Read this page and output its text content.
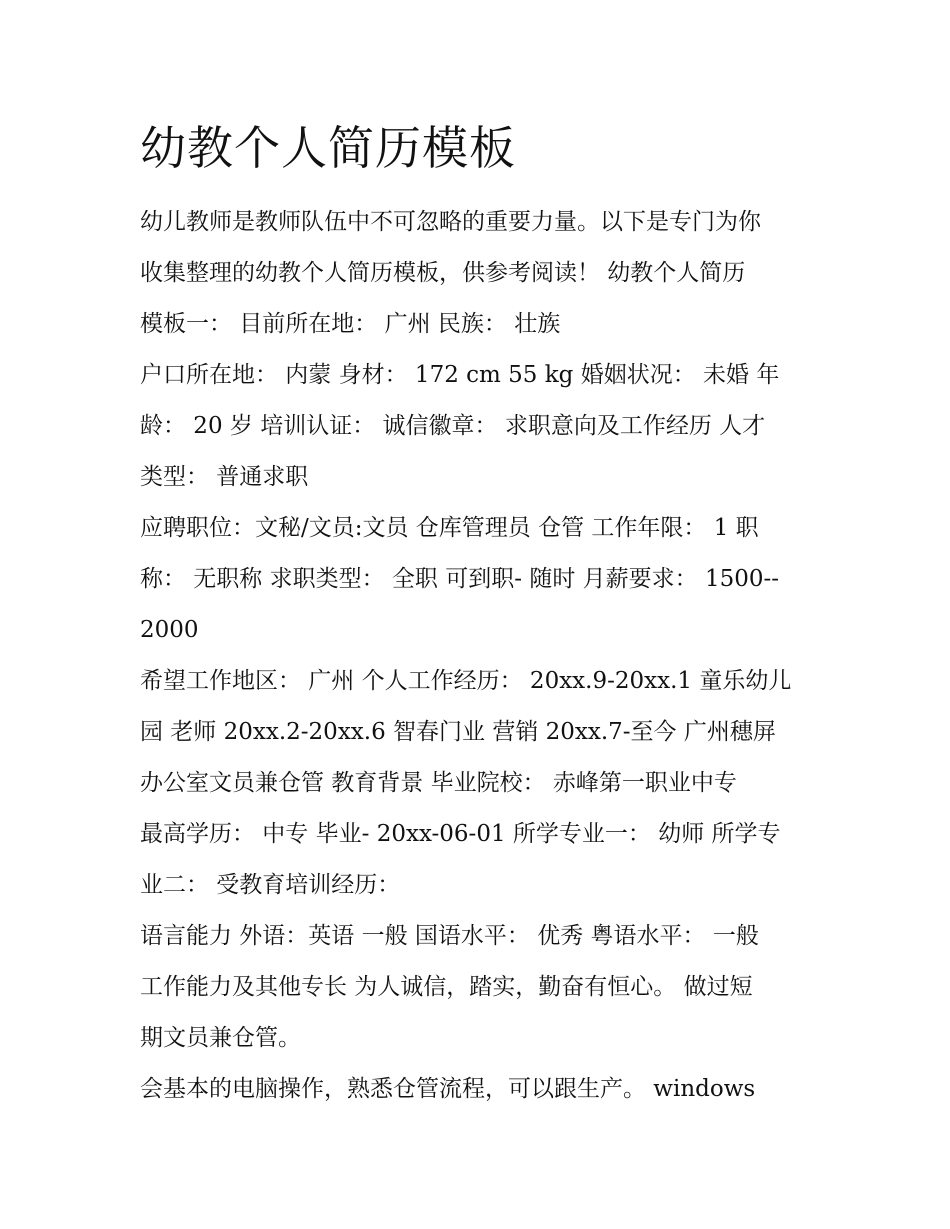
幼教个人简历模板

幼儿教师是教师队伍中不可忽略的重要力量。以下是专门为你

收集整理的幼教个人简历模板，供参考阅读！ 幼教个人简历

模板一： 目前所在地： 广州 民族： 壮族

户口所在地： 内蒙 身材： 172 cm 55 kg 婚姻状况： 未婚 年

龄： 20 岁 培训认证： 诚信徽章： 求职意向及工作经历 人才

类型： 普通求职

应聘职位：文秘/文员:文员 仓库管理员 仓管 工作年限： 1 职

称： 无职称 求职类型： 全职 可到职- 随时 月薪要求： 1500--

2000

希望工作地区： 广州 个人工作经历： 20xx.9-20xx.1 童乐幼儿

园 老师 20xx.2-20xx.6 智春门业 营销 20xx.7-至今 广州穗屏

办公室文员兼仓管 教育背景 毕业院校： 赤峰第一职业中专

最高学历： 中专 毕业- 20xx-06-01 所学专业一： 幼师 所学专

业二： 受教育培训经历：

语言能力 外语：英语 一般 国语水平： 优秀 粤语水平： 一般

工作能力及其他专长 为人诚信，踏实，勤奋有恒心。 做过短

期文员兼仓管。

会基本的电脑操作，熟悉仓管流程，可以跟生产。 windows
